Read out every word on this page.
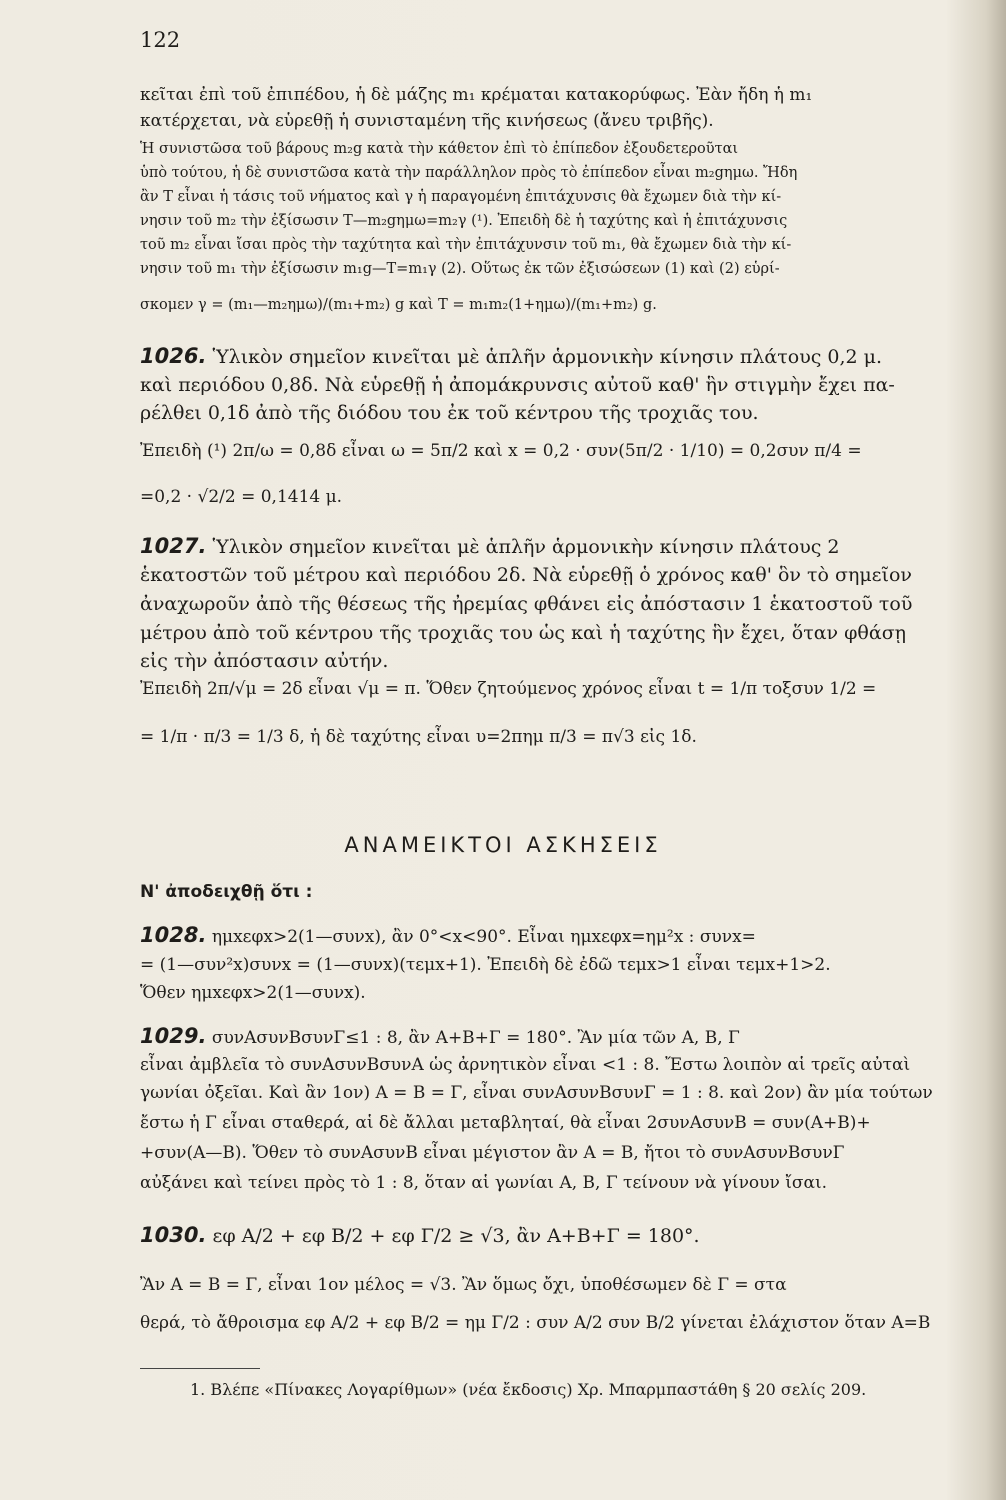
122
κεῖται ἐπὶ τοῦ ἐπιπέδου, ἡ δὲ μάζης m₁ κρέμαται κατακορύφως. Ἐὰν ἤδη ἡ m₁
κατέρχεται, νὰ εὑρεθῇ ἡ συνισταμένη τῆς κινήσεως (ἄνευ τριβῆς).
Ἡ συνιστῶσα τοῦ βάρους m₂g κατὰ τὴν κάθετον ἐπὶ τὸ ἐπίπεδον ἐξουδετεροῦται
ὑπὸ τούτου, ἡ δὲ συνιστῶσα κατὰ τὴν παράλληλον πρὸς τὸ ἐπίπεδον εἶναι m₂gημω. Ἤδη
ἂν Τ εἶναι ἡ τάσις τοῦ νήματος καὶ γ ἡ παραγομένη ἐπιτάχυνσις θὰ ἔχωμεν διὰ τὴν κί-
νησιν τοῦ m₂ τὴν ἐξίσωσιν Τ—m₂gημω=m₂γ (¹). Ἐπειδὴ δὲ ἡ ταχύτης καὶ ἡ ἐπιτάχυνσις
τοῦ m₂ εἶναι ἴσαι πρὸς τὴν ταχύτητα καὶ τὴν ἐπιτάχυνσιν τοῦ m₁, θὰ ἔχωμεν διὰ τὴν κί-
νησιν τοῦ m₁ τὴν ἐξίσωσιν m₁g—Τ=m₁γ (2). Οὕτως ἐκ τῶν ἐξισώσεων (1) καὶ (2) εὑρί-
σκομεν γ = (m₁—m₂ημω)/(m₁+m₂) g καὶ Τ = m₁m₂(1+ημω)/(m₁+m₂) g.
1026. Ὑλικὸν σημεῖον κινεῖται μὲ ἁπλῆν ἁρμονικὴν κίνησιν πλάτους 0,2 μ.
καὶ περιόδου 0,8δ. Νὰ εὑρεθῇ ἡ ἀπομάκρυνσις αὐτοῦ καθ' ἣν στιγμὴν ἔχει πα-
ρέλθει 0,1δ ἀπὸ τῆς διόδου του ἐκ τοῦ κέντρου τῆς τροχιᾶς του.
Ἐπειδὴ (¹) 2π/ω = 0,8δ εἶναι ω = 5π/2 καὶ x = 0,2 · συν(5π/2 · 1/10) = 0,2συν π/4 =
=0,2 · √2/2 = 0,1414 μ.
1027. Ὑλικὸν σημεῖον κινεῖται μὲ ἁπλῆν ἁρμονικὴν κίνησιν πλάτους 2
ἑκατοστῶν τοῦ μέτρου καὶ περιόδου 2δ. Νὰ εὑρεθῇ ὁ χρόνος καθ' ὃν τὸ σημεῖον
ἀναχωροῦν ἀπὸ τῆς θέσεως τῆς ἠρεμίας φθάνει εἰς ἀπόστασιν 1 ἑκατοστοῦ τοῦ
μέτρου ἀπὸ τοῦ κέντρου τῆς τροχιᾶς του ὡς καὶ ἡ ταχύτης ἣν ἔχει, ὅταν φθάσῃ
εἰς τὴν ἀπόστασιν αὐτήν.
Ἐπειδὴ 2π/√μ = 2δ εἶναι √μ = π. Ὅθεν ζητούμενος χρόνος εἶναι t = 1/π τοξσυν 1/2 =
= 1/π · π/3 = 1/3 δ, ἡ δὲ ταχύτης εἶναι υ=2πημ π/3 = π√3 εἰς 1δ.
ΑΝΑΜΕΙΚΤΟΙ ΑΣΚΗΣΕΙΣ
Ν' ἀποδειχθῇ ὅτι :
1028. ημxεφx>2(1—συνx), ἂν 0°<x<90°. Εἶναι ημxεφx=ημ²x : συνx=
= (1—συν²x)συνx = (1—συνx)(τεμx+1). Ἐπειδὴ δὲ ἐδῶ τεμx>1 εἶναι τεμx+1>2.
Ὅθεν ημxεφx>2(1—συνx).
1029. συνΑσυνΒσυνΓ≤1 : 8, ἂν Α+Β+Γ = 180°. Ἂν μία τῶν Α, Β, Γ
εἶναι ἀμβλεῖα τὸ συνΑσυνΒσυνΑ ὡς ἀρνητικὸν εἶναι <1 : 8. Ἔστω λοιπὸν αἱ τρεῖς αὐταὶ
γωνίαι ὀξεῖαι. Καὶ ἂν 1ον) Α = Β = Γ, εἶναι συνΑσυνΒσυνΓ = 1 : 8. καὶ 2ον) ἂν μία τούτων
ἔστω ἡ Γ εἶναι σταθερά, αἱ δὲ ἄλλαι μεταβληταί, θὰ εἶναι 2συνΑσυνΒ = συν(Α+Β)+
+συν(Α—Β). Ὅθεν τὸ συνΑσυνΒ εἶναι μέγιστον ἂν Α = Β, ἤτοι τὸ συνΑσυνΒσυνΓ
αὐξάνει καὶ τείνει πρὸς τὸ 1 : 8, ὅταν αἱ γωνίαι Α, Β, Γ τείνουν νὰ γίνουν ἴσαι.
1030. εφ Α/2 + εφ Β/2 + εφ Γ/2 ≥ √3, ἂν Α+Β+Γ = 180°.
Ἂν Α = Β = Γ, εἶναι 1ον μέλος = √3. Ἂν ὅμως ὄχι, ὑποθέσωμεν δὲ Γ = στα
θερά, τὸ ἄθροισμα εφ Α/2 + εφ Β/2 = ημ Γ/2 : συν Α/2 συν Β/2 γίνεται ἐλάχιστον ὅταν Α=Β
1. Βλέπε «Πίνακες Λογαρίθμων» (νέα ἔκδοσις) Χρ. Μπαρμπαστάθη § 20 σελίς 209.
